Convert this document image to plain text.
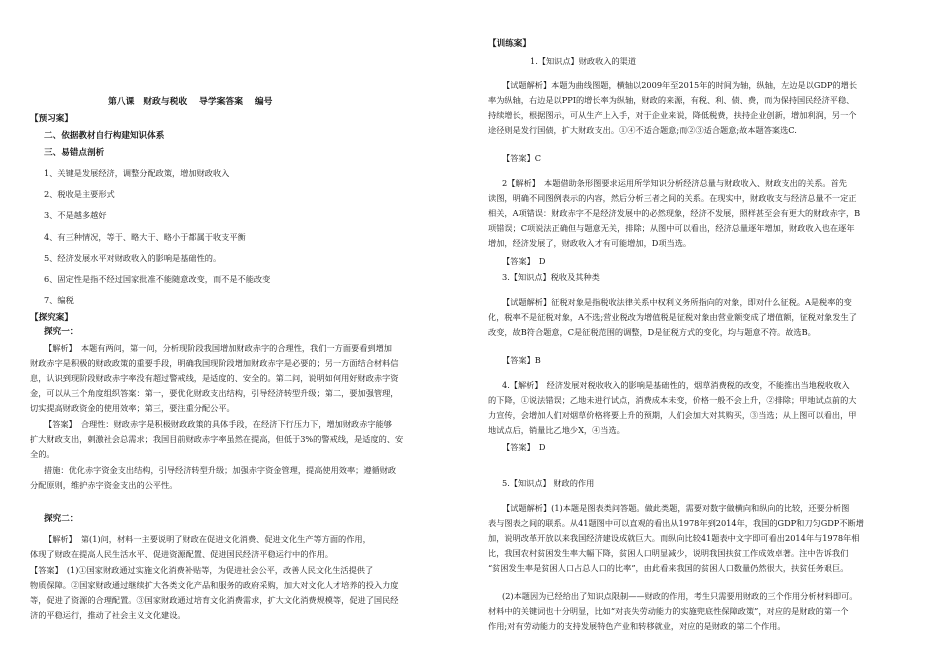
第八课　财政与税收　 导学案答案　 编号
【预习案】
二、依据教材自行构建知识体系
三、易错点剖析
1、关键是发展经济，调整分配政策，增加财政收入
2、税收是主要形式
3、不是越多越好
4、有三种情况，等于、略大于、略小于都属于收支平衡
5、经济发展水平对财政收入的影响是基础性的。
6、固定性是指不经过国家批准不能随意改变，而不是不能改变
7、编税
【探究案】
探究一：
【解析】　本题有两问，第一问，分析现阶段我国增加财政赤字的合理性，我们一方面要看到增加
财政赤字是积极的财政政策的重要手段，明确我国现阶段增加财政赤字是必要的；另一方面结合材料信
息，认识到现阶段财政赤字率没有超过警戒线，是适度的、安全的。第二问，说明如何用好财政赤字资
金，可以从三个角度组织答案：第一，要优化财政支出结构，引导经济转型升级；第二，要加强管理，
切实提高财政资金的使用效率；第三，要注重分配公平。
【答案】　合理性：财政赤字是积极财政政策的具体手段，在经济下行压力下，增加财政赤字能够
扩大财政支出，刺激社会总需求；我国目前财政赤字率虽然在提高，但低于3%的警戒线，是适度的、安
全的。
措施：优化赤字资金支出结构，引导经济转型升级；加强赤字资金管理，提高使用效率；遵循财政
分配原则，维护赤字资金支出的公平性。
探究二：
【解析】　第(1)问，材料一主要说明了财政在促进文化消费、促进文化生产等方面的作用，
体现了财政在提高人民生活水平、促进资源配置、促进国民经济平稳运行中的作用。
【答案】　(1)①国家财政通过实施文化消费补贴等，为促进社会公平，改善人民文化生活提供了
物质保障。②国家财政通过继续扩大各类文化产品和服务的政府采购，加大对文化人才培养的投入力度
等，促进了资源的合理配置。③国家财政通过培育文化消费需求，扩大文化消费规模等，促进了国民经
济的平稳运行，推动了社会主义文化建设。
【训练案】
1.【知识点】财政收入的渠道
【试题解析】本题为曲线图题，横轴以2009年至2015年的时间为轴，纵轴，左边是以GDP的增长
率为纵轴，右边是以PPI的增长率为纵轴，财政的来源，有税、利、债、费，而为保持国民经济平稳、
持续增长，根据图示，可从生产上入手，对于企业来说，降低税费，扶持企业创新，增加利润，另一个
途径则是发行国债，扩大财政支出。①④不适合题意;而②③适合题意;故本题答案选C.
【答案】C
2【解析】　本题借助条形图要求运用所学知识分析经济总量与财政收入、财政支出的关系。首先
读图，明确不同图例表示的内容，然后分析三者之间的关系。在现实中，财政收支与经济总量不一定正
相关，A项错误：财政赤字不是经济发展中的必然现象，经济不发展，照样甚至会有更大的财政赤字，B
项错误；C项说法正确但与题意无关，排除；从图中可以看出，经济总量逐年增加，财政收入也在逐年
增加，经济发展了，财政收入才有可能增加，D项当选。
【答案】　D
3.【知识点】税收及其种类
【试题解析】征税对象是指税收法律关系中权利义务所指向的对象，即对什么征税。A是税率的变
化，税率不是征税对象，A不选;营业税改为增值税是征税对象由营业额变成了增值额，征税对象发生了
改变，故B符合题意，C是征税范围的调整，D是征税方式的变化，均与题意不符。故选B。
【答案】B
4.【解析】　经济发展对税收收入的影响是基础性的，烟草消费税的改变，不能推出当地税收收入
的下降，①说法错误；乙地未进行试点，消费成本未变，价格一般不会上升，②排除；甲地试点前的大
力宣传，会增加人们对烟草价格将要上升的预期，人们会加大对其购买，③当选；从上图可以看出，甲
地试点后，销量比乙地少X，④当选。
【答案】　D
5.【知识点】 财政的作用
【试题解析】(1)本题是图表类问答题。做此类题，需要对数字做横向和纵向的比较，还要分析图
表与图表之间的联系。从41题图中可以直观的看出从1978年到2014年，我国的GDP和刀匀GDP不断增
加，说明改革开放以来我国经济建设成就巨大。而纵向比较41题表中文字即可看出2014年与1978年相
比，我国农村贫困发生率大幅下降，贫困人口明显减少，说明我国扶贫工作成效卓著。注中告诉我们
“贫困发生率是贫困人口占总人口的比率”，由此看来我国的贫困人口数量仍然很大，扶贫任务艰巨。
(2)本题因为已经给出了知识点限制——财政的作用，考生只需要用财政的三个作用分析材料即可。
材料中的关键词也十分明显，比如“对丧失劳动能力的实施兜底性保障政策”，对应的是财政的第一个
作用;对有劳动能力的支持发展特色产业和转移就业，对应的是财政的第二个作用。
